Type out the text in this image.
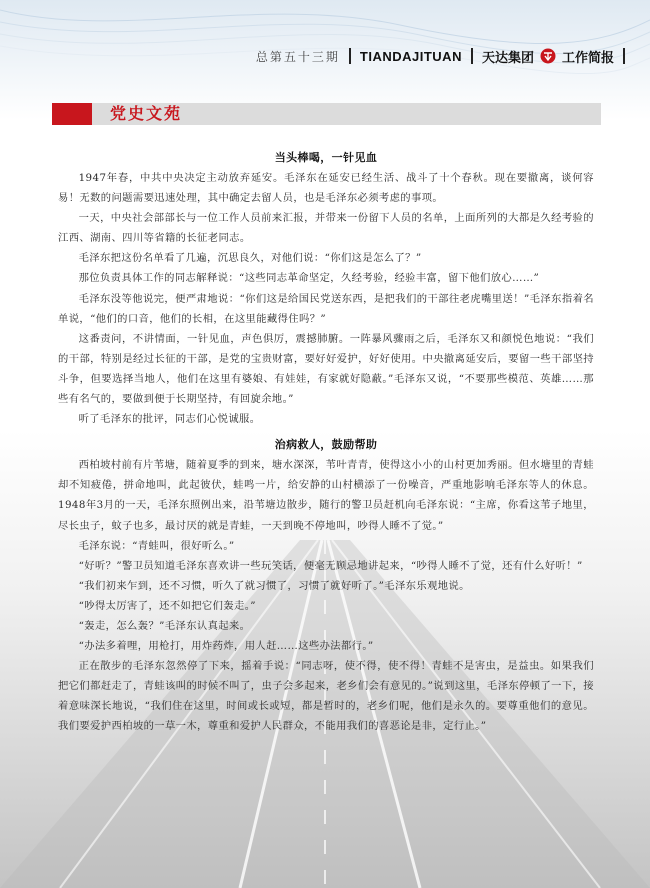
总第五十三期 TIANDAJITUAN 天达集团 工作简报
党史文苑
当头棒喝，一针见血

1947年春，中共中央决定主动放弃延安。毛泽东在延安已经生活、战斗了十个春秋。现在要撤离，谈何容易！无数的问题需要迅速处理，其中确定去留人员，也是毛泽东必须考虑的事项。

一天，中央社会部部长与一位工作人员前来汇报，并带来一份留下人员的名单，上面所列的大都是久经考验的江西、湖南、四川等省籍的长征老同志。

毛泽东把这份名单看了几遍，沉思良久，对他们说：“你们这是怎么了？”

那位负责具体工作的同志解释说：“这些同志革命坚定，久经考验，经验丰富，留下他们放心……”

毛泽东没等他说完，便严肃地说：“你们这是给国民党送东西，是把我们的干部往老虎嘴里送！”毛泽东指着名单说，“他们的口音，他们的长相，在这里能藏得住吗？”

这番责问，不讲情面，一针见血，声色俱厉，震撼肺腑。一阵暴风骤雨之后，毛泽东又和颜悦色地说：“我们的干部，特别是经过长征的干部，是党的宝贵财富，要好好爱护，好好使用。中央撤离延安后，要留一些干部坚持斗争，但要选择当地人，他们在这里有婆娘、有娃娃，有家就好隐蔽。”毛泽东又说，“不要那些模范、英雄……那些有名气的，要做到便于长期坚持，有回旋余地。”

听了毛泽东的批评，同志们心悦诚服。

治病救人，鼓励帮助

西柏坡村前有片苇塘，随着夏季的到来，塘水深深，苇叶青青，使得这小小的山村更加秀丽。但水塘里的青蛙却不知疲倦，拼命地叫，此起彼伏，蛙鸣一片，给安静的山村横添了一份噪音，严重地影响毛泽东等人的休息。1948年3月的一天，毛泽东照例出来，沿苇塘边散步，随行的警卫员赶机向毛泽东说：“主席，你看这苇子地里，尽长虫子，蚊子也多，最讨厌的就是青蛙，一天到晚不停地叫，吵得人睡不了觉。”

毛泽东说：“青蛙叫，很好听么。”

“好听？”警卫员知道毛泽东喜欢讲一些玩笑话，便毫无顾忌地讲起来，“吵得人睡不了觉，还有什么好听！”

“我们初来乍到，还不习惯，听久了就习惯了，习惯了就好听了。”毛泽东乐观地说。

“吵得太厉害了，还不如把它们轰走。”

“轰走，怎么轰？”毛泽东认真起来。

“办法多着哩，用枪打，用炸药炸，用人赶……这些办法都行。”

正在散步的毛泽东忽然停了下来，摇着手说：“同志呀，使不得，使不得！青蛙不是害虫，是益虫。如果我们把它们都赶走了，青蛙该叫的时候不叫了，虫子会多起来，老乡们会有意见的。”说到这里，毛泽东停顿了一下，接着意味深长地说，“我们住在这里，时间或长或短，都是暂时的，老乡们呢，他们是永久的。要尊重他们的意见。我们要爱护西柏坡的一草一木，尊重和爱护人民群众，不能用我们的喜恶论是非，定行止。”
